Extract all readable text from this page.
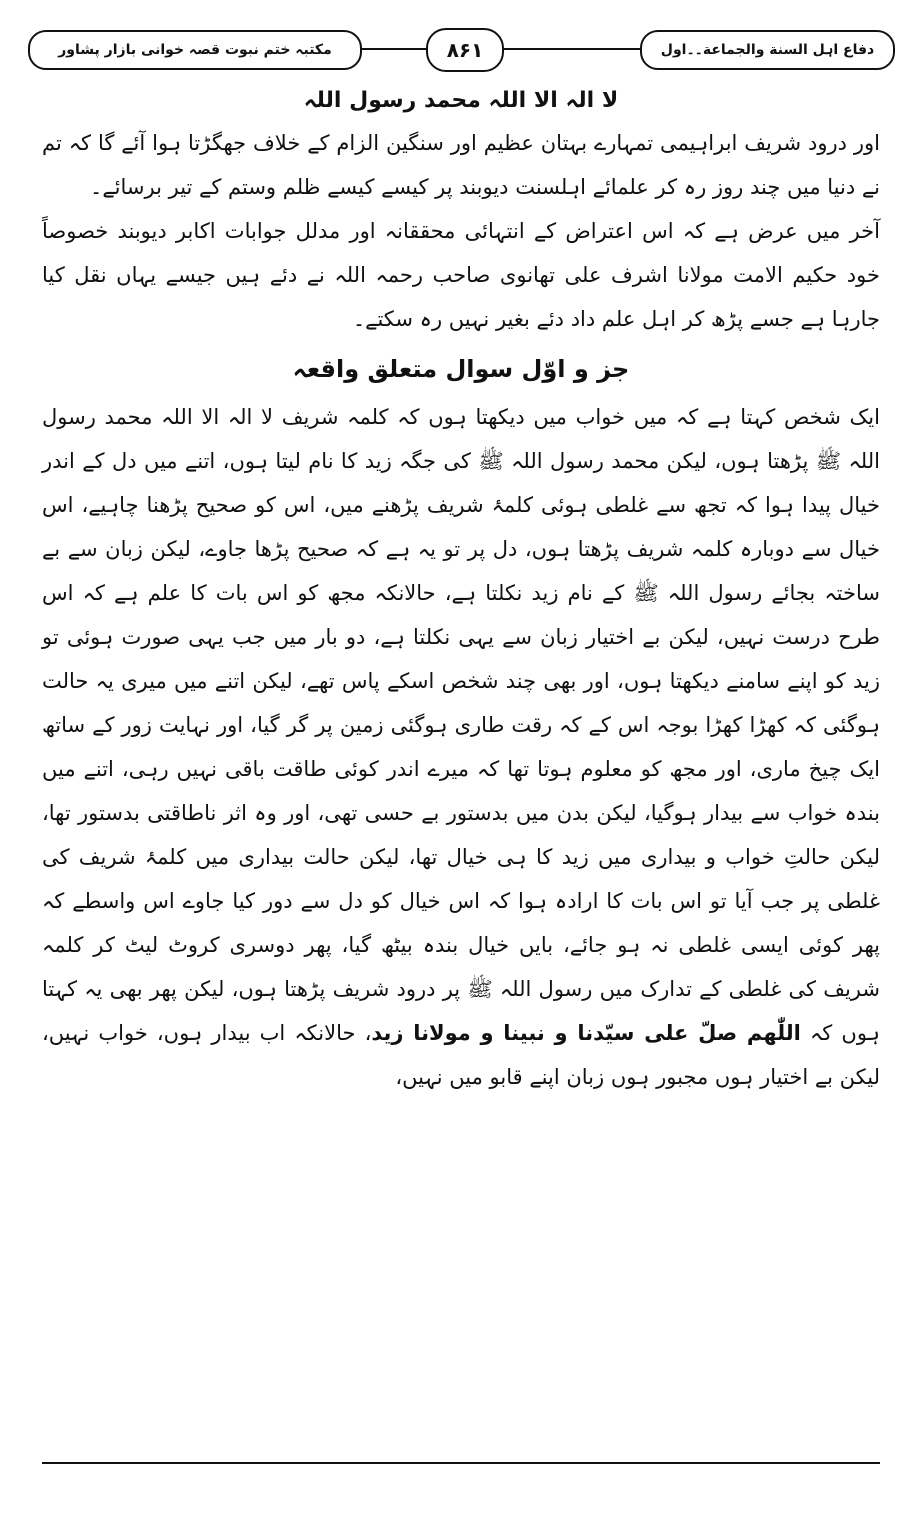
مکتبہ ختم نبوت قصہ خوانی بازار پشاور	۸۶۱	دفاع اہل السنة والجماعة۔۔اول
لا الہ الا اللہ محمد رسول اللہ

اور درود شریف ابراہیمی تمہارے بہتان عظیم اور سنگین الزام کے خلاف جھگڑتا ہوا آئے گا کہ تم نے دنیا میں چند روز رہ کر علمائے اہلسنت دیوبند پر کیسے کیسے ظلم وستم کے تیر برسائے۔

آخر میں عرض ہے کہ اس اعتراض کے انتہائی محققانہ اور مدلل جوابات اکابر دیوبند خصوصاً خود حکیم الامت مولانا اشرف علی تھانوی صاحب رحمہ اللہ نے دئے ہیں جیسے یہاں نقل کیا جارہا ہے جسے پڑھ کر اہل علم داد دئے بغیر نہیں رہ سکتے۔

جز و اوّل سوال متعلق واقعہ

ایک شخص کہتا ہے کہ میں خواب میں دیکھتا ہوں کہ کلمہ شریف لا الہ الا اللہ محمد رسول اللہ ﷺ پڑھتا ہوں، لیکن محمد رسول اللہ ﷺ کی جگہ زید کا نام لیتا ہوں، اتنے میں دل کے اندر خیال پیدا ہوا کہ تجھ سے غلطی ہوئی کلمۂ شریف پڑھنے میں، اس کو صحیح پڑھنا چاہیے، اس خیال سے دوبارہ کلمہ شریف پڑھتا ہوں، دل پر تو یہ ہے کہ صحیح پڑھا جاوے، لیکن زبان سے بے ساختہ بجائے رسول اللہ ﷺ کے نام زید نکلتا ہے، حالانکہ مجھ کو اس بات کا علم ہے کہ اس طرح درست نہیں، لیکن بے اختیار زبان سے یہی نکلتا ہے، دو بار میں جب یہی صورت ہوئی تو زید کو اپنے سامنے دیکھتا ہوں، اور بھی چند شخص اسکے پاس تھے، لیکن اتنے میں میری یہ حالت ہوگئی کہ کھڑا کھڑا بوجہ اس کے کہ رقت طاری ہوگئی زمین پر گر گیا، اور نہایت زور کے ساتھ ایک چیخ ماری، اور مجھ کو معلوم ہوتا تھا کہ میرے اندر کوئی طاقت باقی نہیں رہی، اتنے میں بندہ خواب سے بیدار ہوگیا، لیکن بدن میں بدستور بے حسی تھی، اور وہ اثر ناطاقتی بدستور تھا، لیکن حالتِ خواب و بیداری میں زید کا ہی خیال تھا، لیکن حالت بیداری میں کلمۂ شریف کی غلطی پر جب آیا تو اس بات کا ارادہ ہوا کہ اس خیال کو دل سے دور کیا جاوے اس واسطے کہ پھر کوئی ایسی غلطی نہ ہو جائے، بایں خیال بندہ بیٹھ گیا، پھر دوسری کروٹ لیٹ کر کلمہ شریف کی غلطی کے تدارک میں رسول اللہ ﷺ پر درود شریف پڑھتا ہوں، لیکن پھر بھی یہ کہتا ہوں کہ اللّٰھم صلّ علی سیّدنا و نبینا و مولانا زید، حالانکہ اب بیدار ہوں، خواب نہیں، لیکن بے اختیار ہوں مجبور ہوں زبان اپنے قابو میں نہیں،
